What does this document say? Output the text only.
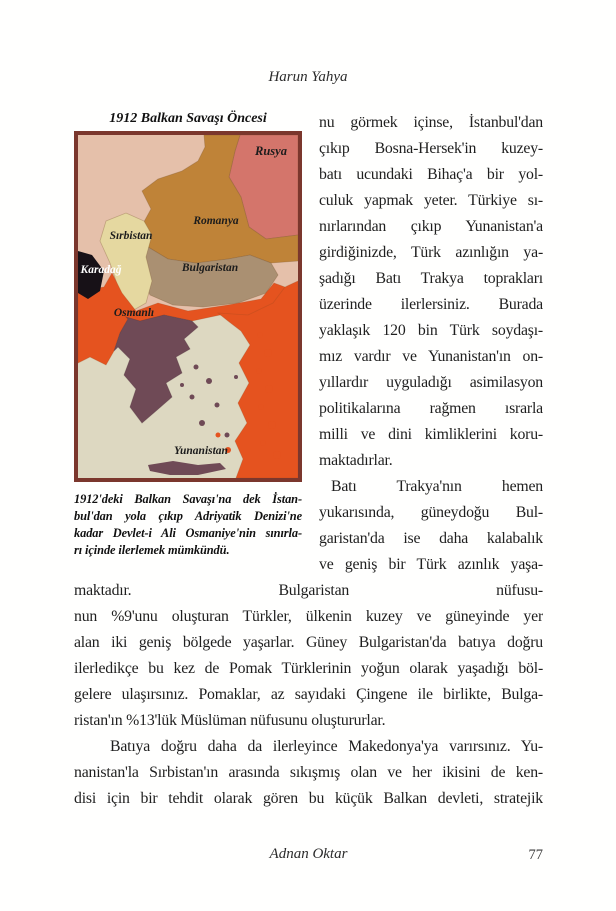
Harun Yahya
1912 Balkan Savaşı Öncesi
Rusya
Romanya
Sırbistan
Karadağ	Bulgaristan
Osmanlı
Yunanistan
1912'deki Balkan Savaşı'na dek İstan-
bul'dan yola çıkıp Adriyatik Denizi'ne
kadar Devlet-i Ali Osmaniye'nin sınırla-
rı içinde ilerlemek mümkündü.
nu görmek içinse, İstanbul'dan
çıkıp Bosna-Hersek'in kuzey-
batı ucundaki Bihaç'a bir yol-
culuk yapmak yeter. Türkiye sı-
nırlarından çıkıp Yunanistan'a
girdiğinizde, Türk azınlığın ya-
şadığı Batı Trakya toprakları
üzerinde ilerlersiniz. Burada
yaklaşık 120 bin Türk soydaşı-
mız vardır ve Yunanistan'ın on-
yıllardır uyguladığı asimilasyon
politikalarına rağmen ısrarla
milli ve dini kimliklerini koru-
maktadırlar.
Batı Trakya'nın hemen
yukarısında, güneydoğu Bul-
garistan'da ise daha kalabalık
ve geniş bir Türk azınlık yaşa-
maktadır. Bulgaristan nüfusu-
nun %9'unu oluşturan Türkler, ülkenin kuzey ve güneyinde yer
alan iki geniş bölgede yaşarlar. Güney Bulgaristan'da batıya doğru
ilerledikçe bu kez de Pomak Türklerinin yoğun olarak yaşadığı böl-
gelere ulaşırsınız. Pomaklar, az sayıdaki Çingene ile birlikte, Bulga-
ristan'ın %13'lük Müslüman nüfusunu oluştururlar.
Batıya doğru daha da ilerleyince Makedonya'ya varırsınız. Yu-
nanistan'la Sırbistan'ın arasında sıkışmış olan ve her ikisini de ken-
disi için bir tehdit olarak gören bu küçük Balkan devleti, stratejik
Adnan Oktar	77
